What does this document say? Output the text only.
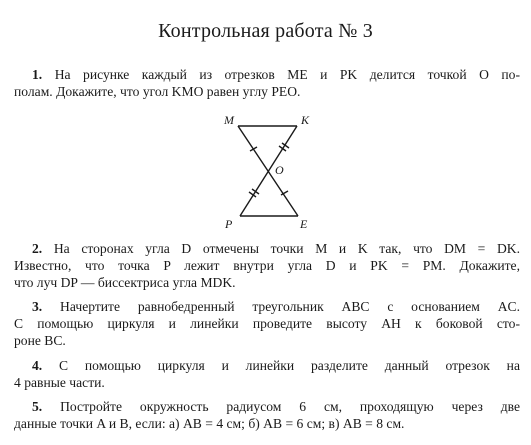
Контрольная работа № 3
1. На рисунке каждый из отрезков ME и PK делится точкой O по-
полам. Докажите, что угол KMO равен углу PEO.
M	K
O
P	E
2. На сторонах угла D отмечены точки M и K так, что DM = DK.
Известно, что точка P лежит внутри угла D и PK = PM. Докажите,
что луч DP — биссектриса угла MDK.
3. Начертите равнобедренный треугольник ABC с основанием AC.
С помощью циркуля и линейки проведите высоту AH к боковой сто-
роне BC.
4. С помощью циркуля и линейки разделите данный отрезок на
4 равные части.
5. Постройте окружность радиусом 6 см, проходящую через две
данные точки A и B, если: а) AB = 4 см; б) AB = 6 см; в) AB = 8 см.
